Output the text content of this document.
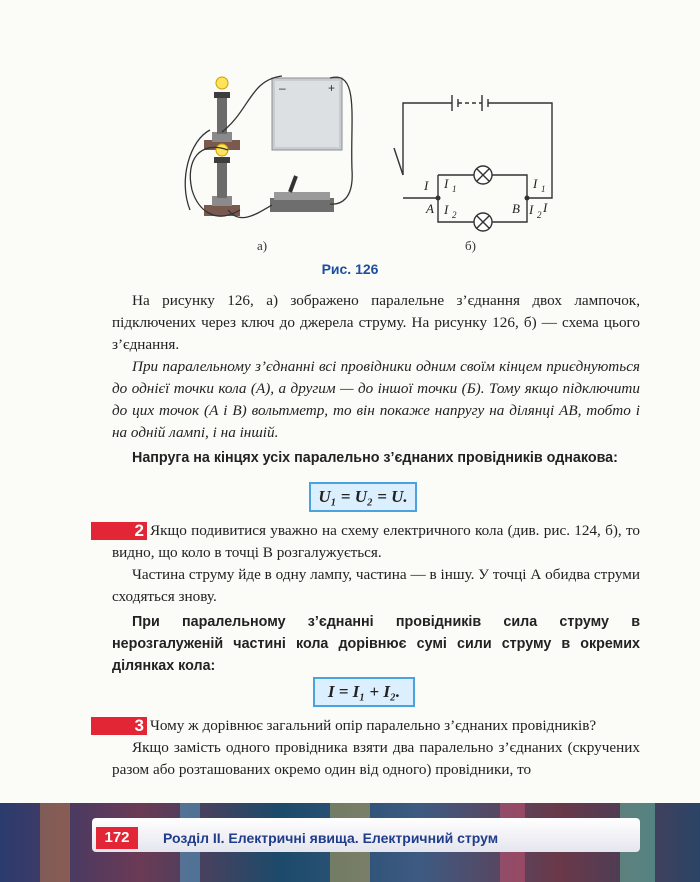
–	+
I I 1
A I 2
I 1
B I 2 I
а)	б)
Рис. 126

На рисунку 126, а) зображено паралельне з’єднання двох лампочок, підключених через ключ до джерела струму. На рисунку 126, б) — схема цього з’єднання.

При паралельному з’єднанні всі провідники одним своїм кінцем приєднуються до однієї точки кола (А), а другим — до іншої точки (Б). Тому якщо підключити до цих точок (А і В) вольтметр, то він покаже напругу на ділянці АВ, тобто і на одній лампі, і на іншій.

Напруга на кінцях усіх паралельно з’єднаних провідників однакова:

U₁ = U₂ = U.
2 Якщо подивитися уважно на схему електричного кола (див. рис. 124, б), то видно, що коло в точці В розгалужується.

Частина струму йде в одну лампу, частина — в іншу. У точці А обидва струми сходяться знову.

При паралельному з’єднанні провідників сила струму в нерозгалуженій частині кола дорівнює сумі сили струму в окремих ділянках кола:

I = I₁ + I₂.
3 Чому ж дорівнює загальний опір паралельно з’єднаних провідників?

Якщо замість одного провідника взяти два паралельно з’єднаних (скручених разом або розташованих окремо один від одного) провідники, то

172	Розділ ІІ. Електричні явища. Електричний струм
